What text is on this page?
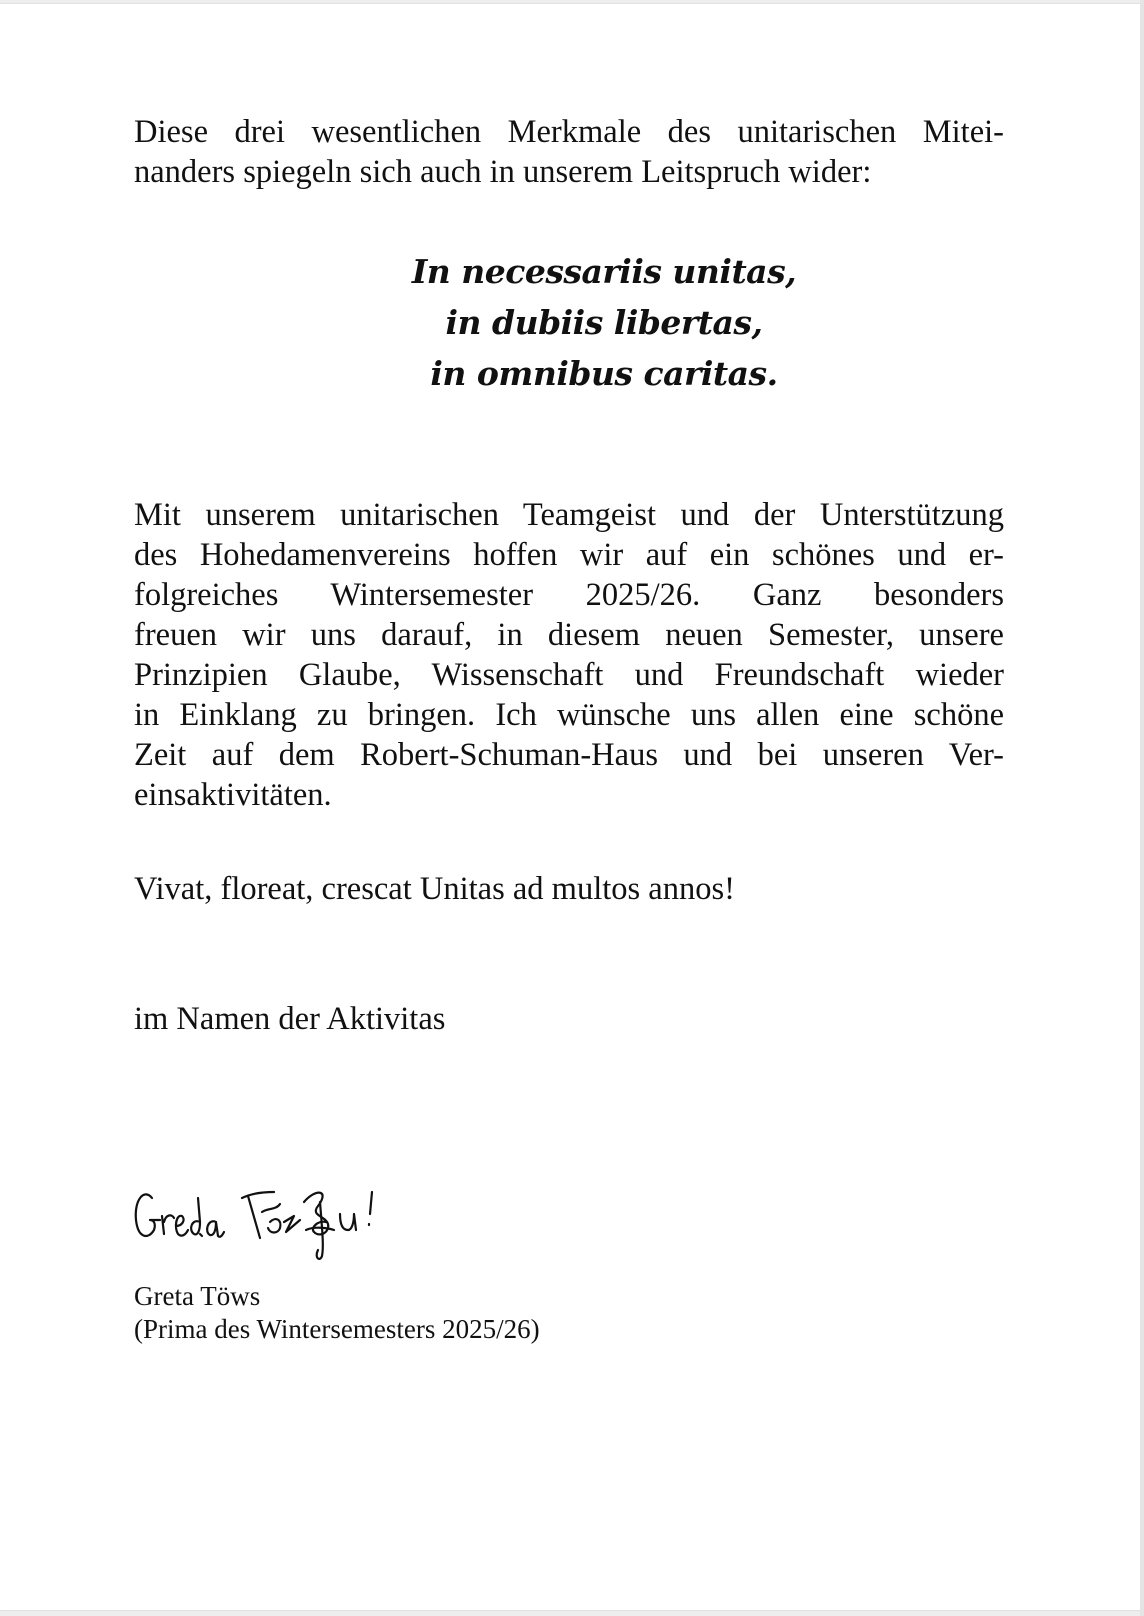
Diese drei wesentlichen Merkmale des unitarischen Mitei-
nanders spiegeln sich auch in unserem Leitspruch wider:
In necessariis unitas,
in dubiis libertas,
in omnibus caritas.
Mit unserem unitarischen Teamgeist und der Unterstützung
des Hohedamenvereins hoffen wir auf ein schönes und er-
folgreiches Wintersemester 2025/26. Ganz besonders
freuen wir uns darauf, in diesem neuen Semester, unsere
Prinzipien Glaube, Wissenschaft und Freundschaft wieder
in Einklang zu bringen. Ich wünsche uns allen eine schöne
Zeit auf dem Robert-Schuman-Haus und bei unseren Ver-
einsaktivitäten.
Vivat, floreat, crescat Unitas ad multos annos!
im Namen der Aktivitas
Greta Töws
(Prima des Wintersemesters 2025/26)
